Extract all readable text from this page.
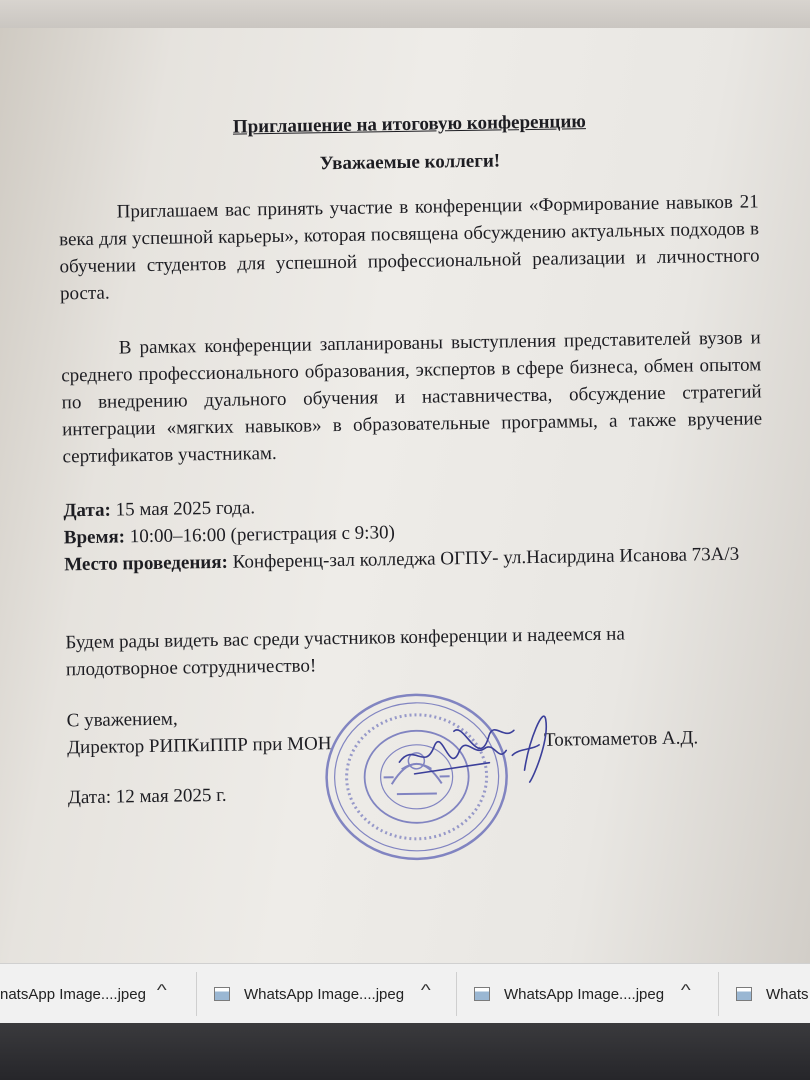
Приглашение на итоговую конференцию
Уважаемые коллеги!
Приглашаем вас принять участие в конференции «Формирование навыков 21 века для успешной карьеры», которая посвящена обсуждению актуальных подходов в обучении студентов для успешной профессиональной реализации и личностного роста.
В рамках конференции запланированы выступления представителей вузов и среднего профессионального образования, экспертов в сфере бизнеса, обмен опытом по внедрению дуального обучения и наставничества, обсуждение стратегий интеграции «мягких навыков» в образовательные программы, а также вручение сертификатов участникам.
Дата: 15 мая 2025 года.
Время: 10:00–16:00 (регистрация с 9:30)
Место проведения: Конференц-зал колледжа ОГПУ- ул.Насирдина Исанова 73А/3
Будем рады видеть вас среди участников конференции и надеемся на плодотворное сотрудничество!
С уважением,
Директор РИПКиППР при МОН	Токтомаметов А.Д.
Дата: 12 мая 2025 г.
natsApp Image....jpeg ^	WhatsApp Image....jpeg ^	WhatsApp Image....jpeg ^	Whats
